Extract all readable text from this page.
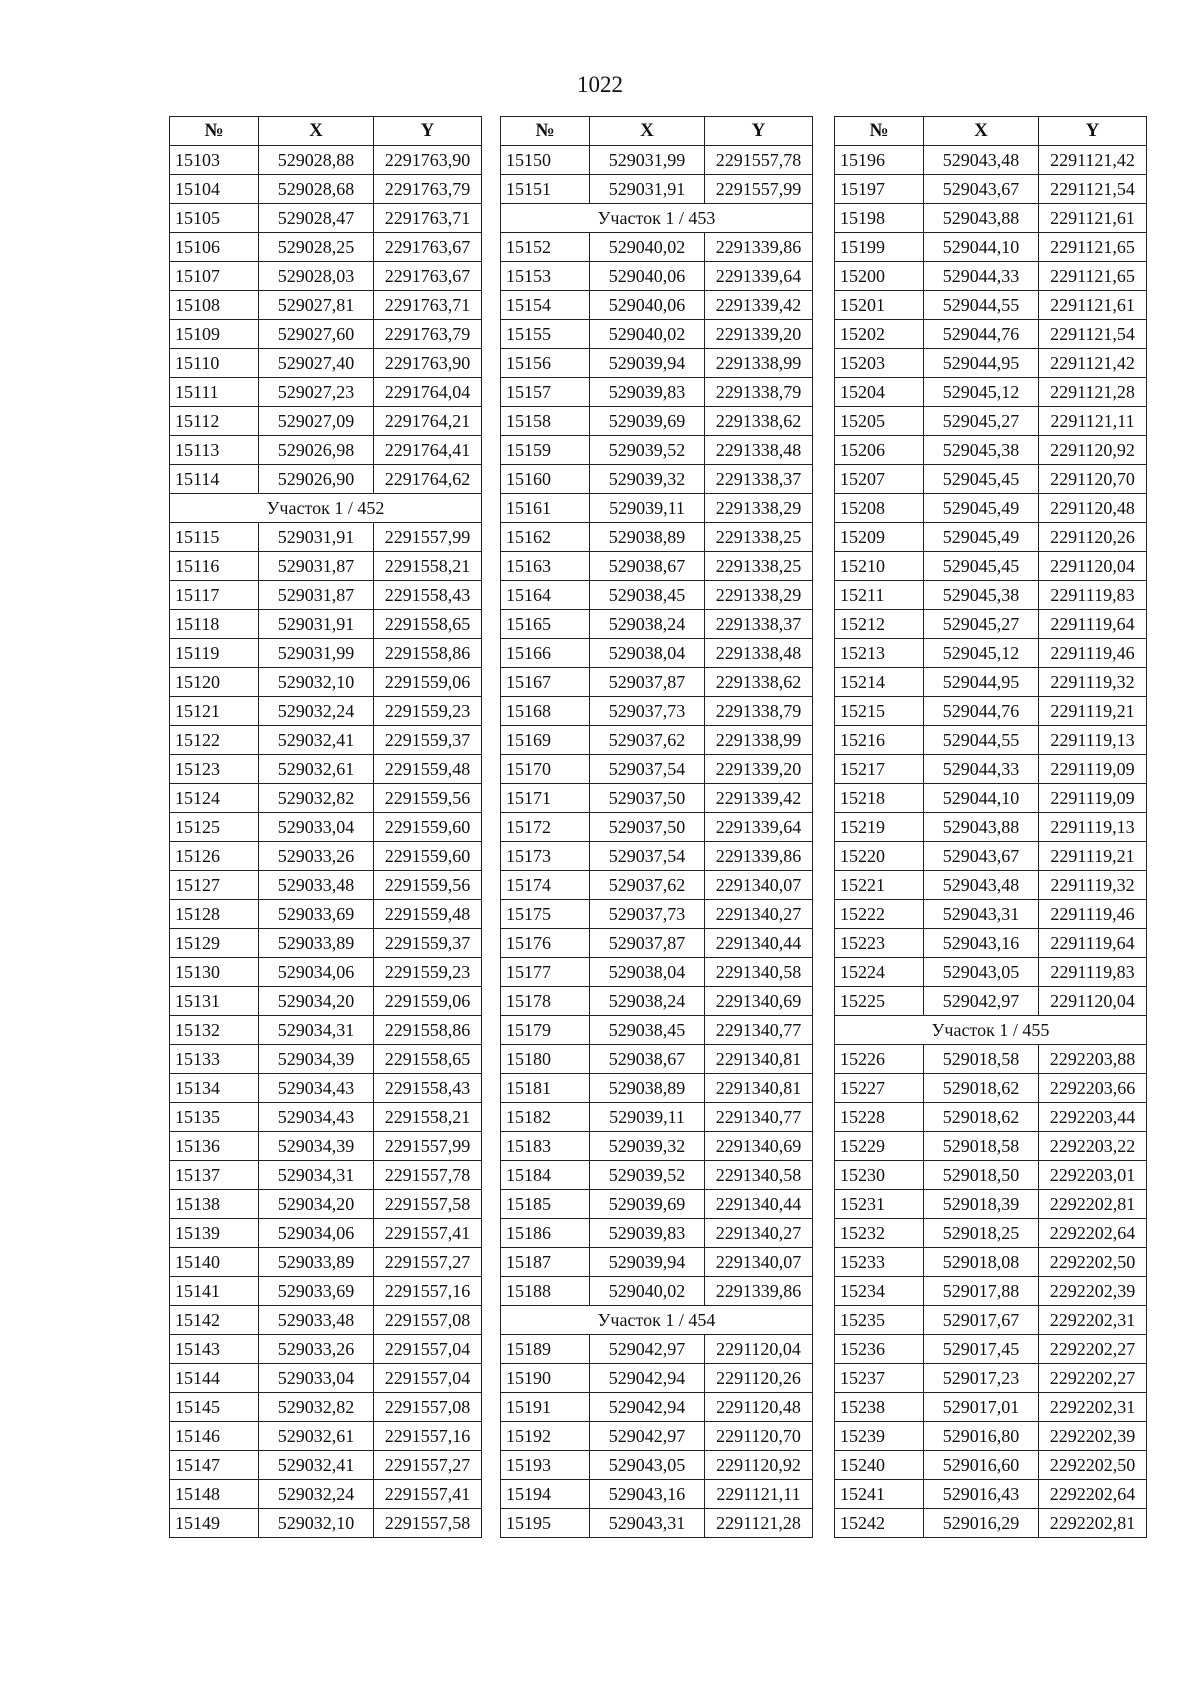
1022
№	X	Y
15103	529028,88	2291763,90
15104	529028,68	2291763,79
15105	529028,47	2291763,71
15106	529028,25	2291763,67
15107	529028,03	2291763,67
15108	529027,81	2291763,71
15109	529027,60	2291763,79
15110	529027,40	2291763,90
15111	529027,23	2291764,04
15112	529027,09	2291764,21
15113	529026,98	2291764,41
15114	529026,90	2291764,62
Участок 1 / 452		
15115	529031,91	2291557,99
15116	529031,87	2291558,21
15117	529031,87	2291558,43
15118	529031,91	2291558,65
15119	529031,99	2291558,86
15120	529032,10	2291559,06
15121	529032,24	2291559,23
15122	529032,41	2291559,37
15123	529032,61	2291559,48
15124	529032,82	2291559,56
15125	529033,04	2291559,60
15126	529033,26	2291559,60
15127	529033,48	2291559,56
15128	529033,69	2291559,48
15129	529033,89	2291559,37
15130	529034,06	2291559,23
15131	529034,20	2291559,06
15132	529034,31	2291558,86
15133	529034,39	2291558,65
15134	529034,43	2291558,43
15135	529034,43	2291558,21
15136	529034,39	2291557,99
15137	529034,31	2291557,78
15138	529034,20	2291557,58
15139	529034,06	2291557,41
15140	529033,89	2291557,27
15141	529033,69	2291557,16
15142	529033,48	2291557,08
15143	529033,26	2291557,04
15144	529033,04	2291557,04
15145	529032,82	2291557,08
15146	529032,61	2291557,16
15147	529032,41	2291557,27
15148	529032,24	2291557,41
15149	529032,10	2291557,58
№	X	Y
15150	529031,99	2291557,78
15151	529031,91	2291557,99
Участок 1 / 453		
15152	529040,02	2291339,86
15153	529040,06	2291339,64
15154	529040,06	2291339,42
15155	529040,02	2291339,20
15156	529039,94	2291338,99
15157	529039,83	2291338,79
15158	529039,69	2291338,62
15159	529039,52	2291338,48
15160	529039,32	2291338,37
15161	529039,11	2291338,29
15162	529038,89	2291338,25
15163	529038,67	2291338,25
15164	529038,45	2291338,29
15165	529038,24	2291338,37
15166	529038,04	2291338,48
15167	529037,87	2291338,62
15168	529037,73	2291338,79
15169	529037,62	2291338,99
15170	529037,54	2291339,20
15171	529037,50	2291339,42
15172	529037,50	2291339,64
15173	529037,54	2291339,86
15174	529037,62	2291340,07
15175	529037,73	2291340,27
15176	529037,87	2291340,44
15177	529038,04	2291340,58
15178	529038,24	2291340,69
15179	529038,45	2291340,77
15180	529038,67	2291340,81
15181	529038,89	2291340,81
15182	529039,11	2291340,77
15183	529039,32	2291340,69
15184	529039,52	2291340,58
15185	529039,69	2291340,44
15186	529039,83	2291340,27
15187	529039,94	2291340,07
15188	529040,02	2291339,86
Участок 1 / 454		
15189	529042,97	2291120,04
15190	529042,94	2291120,26
15191	529042,94	2291120,48
15192	529042,97	2291120,70
15193	529043,05	2291120,92
15194	529043,16	2291121,11
15195	529043,31	2291121,28
№	X	Y
15196	529043,48	2291121,42
15197	529043,67	2291121,54
15198	529043,88	2291121,61
15199	529044,10	2291121,65
15200	529044,33	2291121,65
15201	529044,55	2291121,61
15202	529044,76	2291121,54
15203	529044,95	2291121,42
15204	529045,12	2291121,28
15205	529045,27	2291121,11
15206	529045,38	2291120,92
15207	529045,45	2291120,70
15208	529045,49	2291120,48
15209	529045,49	2291120,26
15210	529045,45	2291120,04
15211	529045,38	2291119,83
15212	529045,27	2291119,64
15213	529045,12	2291119,46
15214	529044,95	2291119,32
15215	529044,76	2291119,21
15216	529044,55	2291119,13
15217	529044,33	2291119,09
15218	529044,10	2291119,09
15219	529043,88	2291119,13
15220	529043,67	2291119,21
15221	529043,48	2291119,32
15222	529043,31	2291119,46
15223	529043,16	2291119,64
15224	529043,05	2291119,83
15225	529042,97	2291120,04
Участок 1 / 455		
15226	529018,58	2292203,88
15227	529018,62	2292203,66
15228	529018,62	2292203,44
15229	529018,58	2292203,22
15230	529018,50	2292203,01
15231	529018,39	2292202,81
15232	529018,25	2292202,64
15233	529018,08	2292202,50
15234	529017,88	2292202,39
15235	529017,67	2292202,31
15236	529017,45	2292202,27
15237	529017,23	2292202,27
15238	529017,01	2292202,31
15239	529016,80	2292202,39
15240	529016,60	2292202,50
15241	529016,43	2292202,64
15242	529016,29	2292202,81
